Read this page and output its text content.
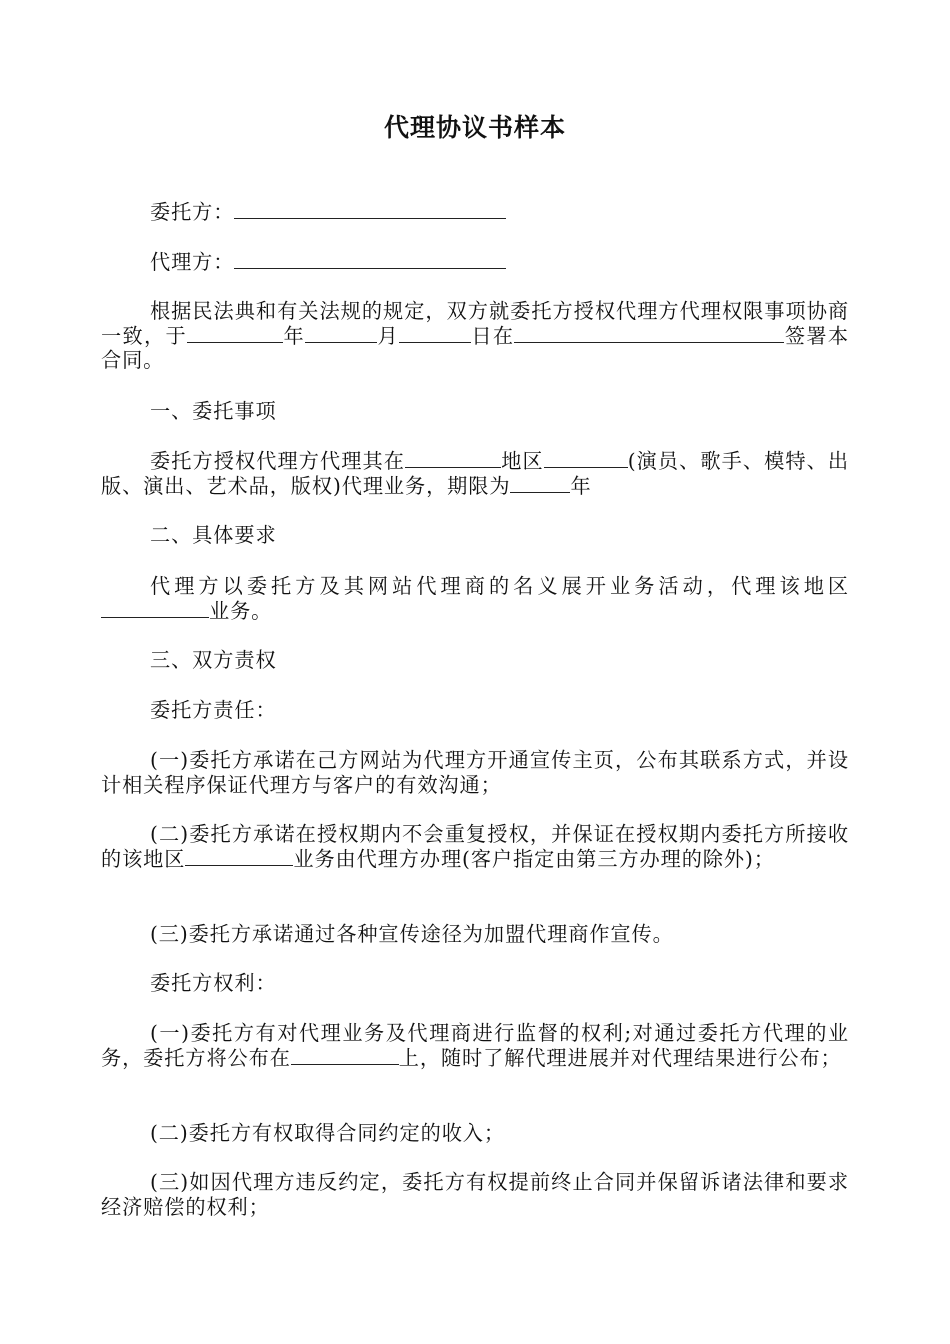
代理协议书样本
委托方：
代理方：

根据民法典和有关法规的规定，双方就委托方授权代理方代理权限事项协商一致，于	年	月	日在	签署本合同。

一、委托事项

委托方授权代理方代理其在	地区	(演员、歌手、模特、出版、演出、艺术品，版权)代理业务，期限为	年

二、具体要求

代理方以委托方及其网站代理商的名义展开业务活动，代理该地区业务。

三、双方责权

委托方责任：

(一)委托方承诺在己方网站为代理方开通宣传主页，公布其联系方式，并设计相关程序保证代理方与客户的有效沟通；

(二)委托方承诺在授权期内不会重复授权，并保证在授权期内委托方所接收的该地区	业务由代理方办理(客户指定由第三方办理的除外)；

(三)委托方承诺通过各种宣传途径为加盟代理商作宣传。

委托方权利：

(一)委托方有对代理业务及代理商进行监督的权利;对通过委托方代理的业务，委托方将公布在	上，随时了解代理进展并对代理结果进行公布；

(二)委托方有权取得合同约定的收入；

(三)如因代理方违反约定，委托方有权提前终止合同并保留诉诸法律和要求经济赔偿的权利；
